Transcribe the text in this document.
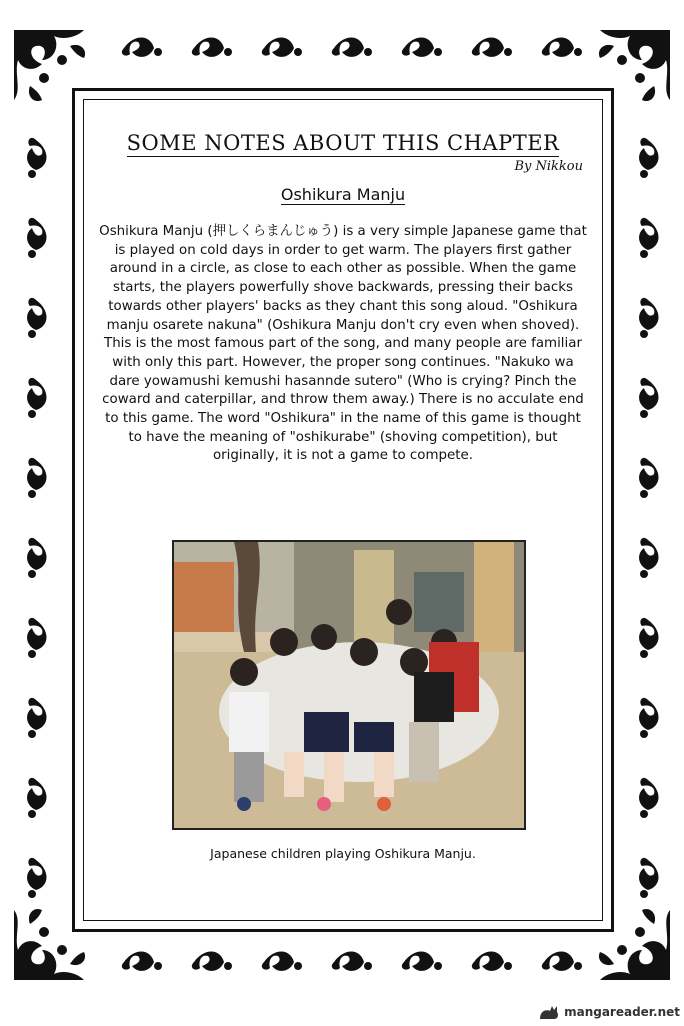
SOME NOTES ABOUT THIS CHAPTER
By Nikkou
Oshikura Manju
Oshikura Manju (押しくらまんじゅう) is a very simple Japanese game that is played on cold days in order to get warm. The players first gather around in a circle, as close to each other as possible. When the game starts, the players powerfully shove backwards, pressing their backs towards other players' backs as they chant this song aloud. "Oshikura manju osarete nakuna" (Oshikura Manju don't cry even when shoved). This is the most famous part of the song, and many people are familiar with only this part. However, the proper song continues. "Nakuko wa dare yowamushi kemushi hasannde sutero" (Who is crying? Pinch the coward and caterpillar, and throw them away.) There is no acculate end to this game. The word "Oshikura" in the name of this game is thought to have the meaning of "oshikurabe" (shoving competition), but originally, it is not a game to compete.
Japanese children playing Oshikura Manju.
mangareader.net
